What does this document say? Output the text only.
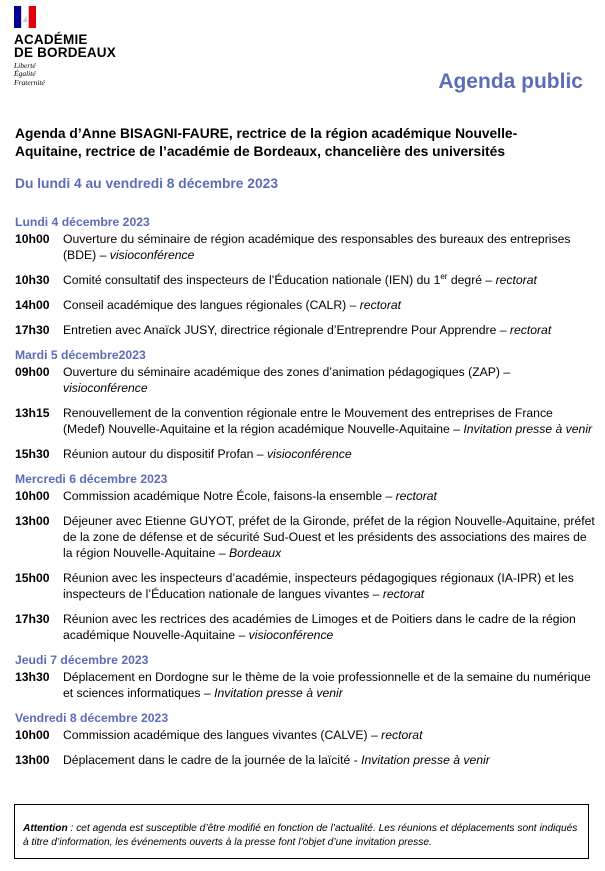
ACADÉMIE
DE BORDEAUX
Liberté
Égalité
Fraternité	Agenda public
Agenda d’Anne BISAGNI-FAURE, rectrice de la région académique Nouvelle-Aquitaine, rectrice de l’académie de Bordeaux, chancelière des universités
Du lundi 4 au vendredi 8 décembre 2023
Lundi 4 décembre 2023
10h00	Ouverture du séminaire de région académique des responsables des bureaux des entreprises (BDE) – visioconférence
10h30	Comité consultatif des inspecteurs de l’Éducation nationale (IEN) du 1er degré – rectorat
14h00	Conseil académique des langues régionales (CALR) – rectorat
17h30	Entretien avec Anaïck JUSY, directrice régionale d’Entreprendre Pour Apprendre – rectorat
Mardi 5 décembre2023
09h00	Ouverture du séminaire académique des zones d’animation pédagogiques (ZAP) – visioconférence
13h15	Renouvellement de la convention régionale entre le Mouvement des entreprises de France (Medef) Nouvelle-Aquitaine et la région académique Nouvelle-Aquitaine – Invitation presse à venir
15h30	Réunion autour du dispositif Profan – visioconférence
Mercredi 6 décembre 2023
10h00	Commission académique Notre École, faisons-la ensemble – rectorat
13h00	Déjeuner avec Etienne GUYOT, préfet de la Gironde, préfet de la région Nouvelle-Aquitaine, préfet de la zone de défense et de sécurité Sud-Ouest et les présidents des associations des maires de la région Nouvelle-Aquitaine – Bordeaux
15h00	Réunion avec les inspecteurs d’académie, inspecteurs pédagogiques régionaux (IA-IPR) et les inspecteurs de l’Éducation nationale de langues vivantes – rectorat
17h30	Réunion avec les rectrices des académies de Limoges et de Poitiers dans le cadre de la région académique Nouvelle-Aquitaine – visioconférence
Jeudi 7 décembre 2023
13h30	Déplacement en Dordogne sur le thème de la voie professionnelle et de la semaine du numérique et sciences informatiques – Invitation presse à venir
Vendredi 8 décembre 2023
10h00	Commission académique des langues vivantes (CALVE) – rectorat
13h00	Déplacement dans le cadre de la journée de la laïcité - Invitation presse à venir
Attention : cet agenda est susceptible d’être modifié en fonction de l’actualité. Les réunions et déplacements sont indiqués à titre d’information, les événements ouverts à la presse font l’objet d’une invitation presse.
